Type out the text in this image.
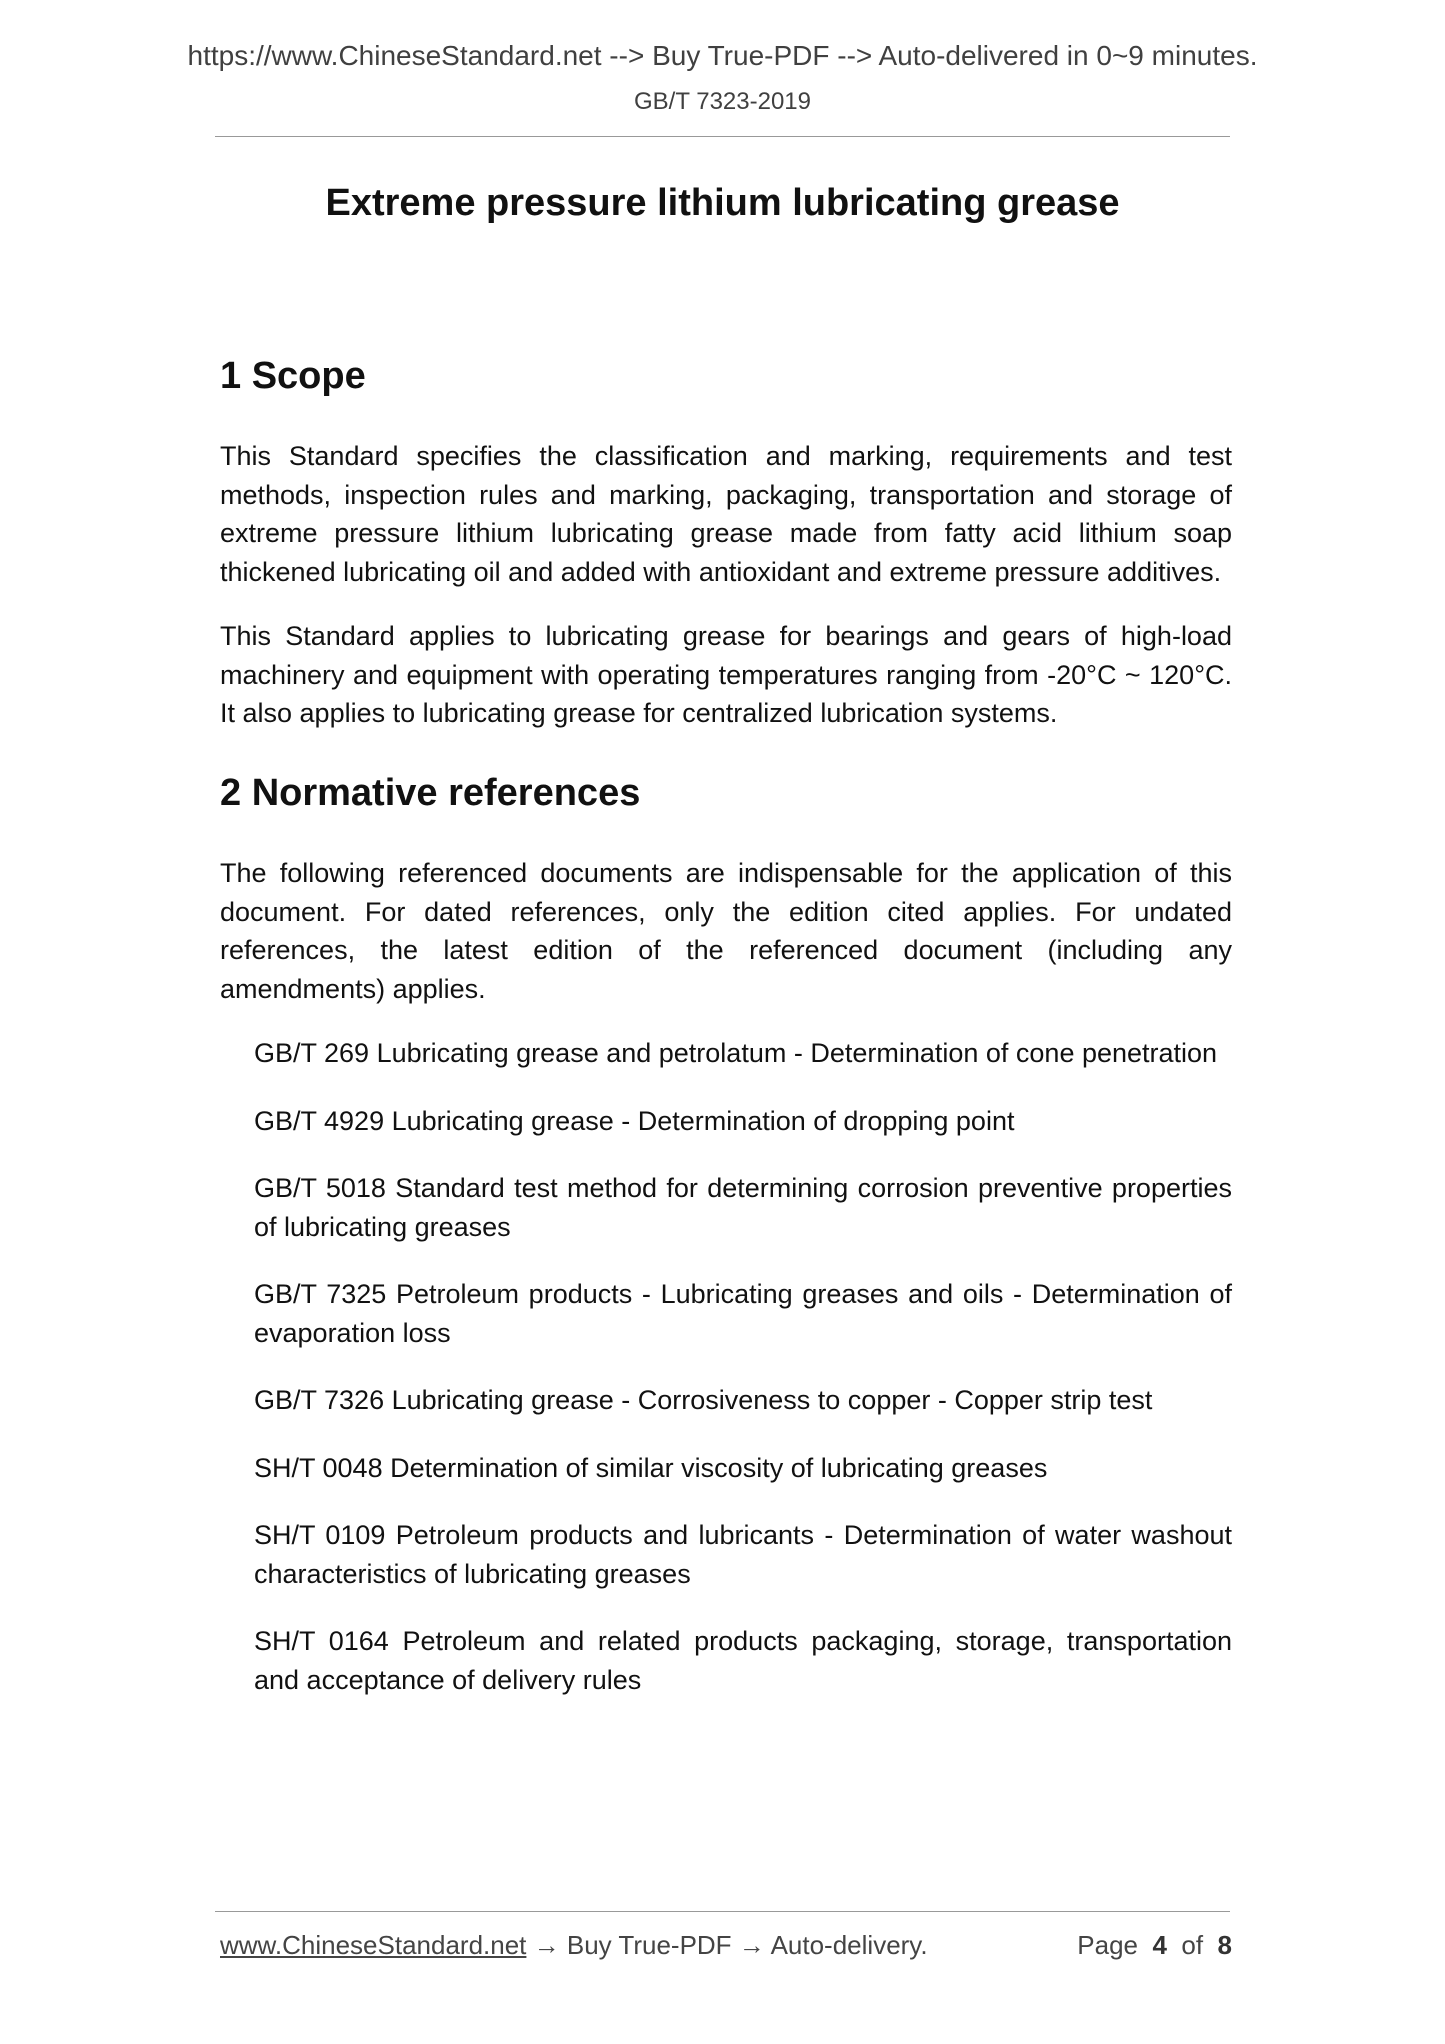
https://www.ChineseStandard.net --> Buy True-PDF --> Auto-delivered in 0~9 minutes.
GB/T 7323-2019
Extreme pressure lithium lubricating grease
1 Scope

This Standard specifies the classification and marking, requirements and test methods, inspection rules and marking, packaging, transportation and storage of extreme pressure lithium lubricating grease made from fatty acid lithium soap thickened lubricating oil and added with antioxidant and extreme pressure additives.

This Standard applies to lubricating grease for bearings and gears of high-load machinery and equipment with operating temperatures ranging from -20°C ~ 120°C. It also applies to lubricating grease for centralized lubrication systems.

2 Normative references

The following referenced documents are indispensable for the application of this document. For dated references, only the edition cited applies. For undated references, the latest edition of the referenced document (including any amendments) applies.

GB/T 269 Lubricating grease and petrolatum - Determination of cone penetration
GB/T 4929 Lubricating grease - Determination of dropping point
GB/T 5018 Standard test method for determining corrosion preventive properties of lubricating greases
GB/T 7325 Petroleum products - Lubricating greases and oils - Determination of evaporation loss
GB/T 7326 Lubricating grease - Corrosiveness to copper - Copper strip test
SH/T 0048 Determination of similar viscosity of lubricating greases
SH/T 0109 Petroleum products and lubricants - Determination of water washout characteristics of lubricating greases
SH/T 0164 Petroleum and related products packaging, storage, transportation and acceptance of delivery rules
www.ChineseStandard.net → Buy True-PDF → Auto-delivery.	Page 4 of 8
